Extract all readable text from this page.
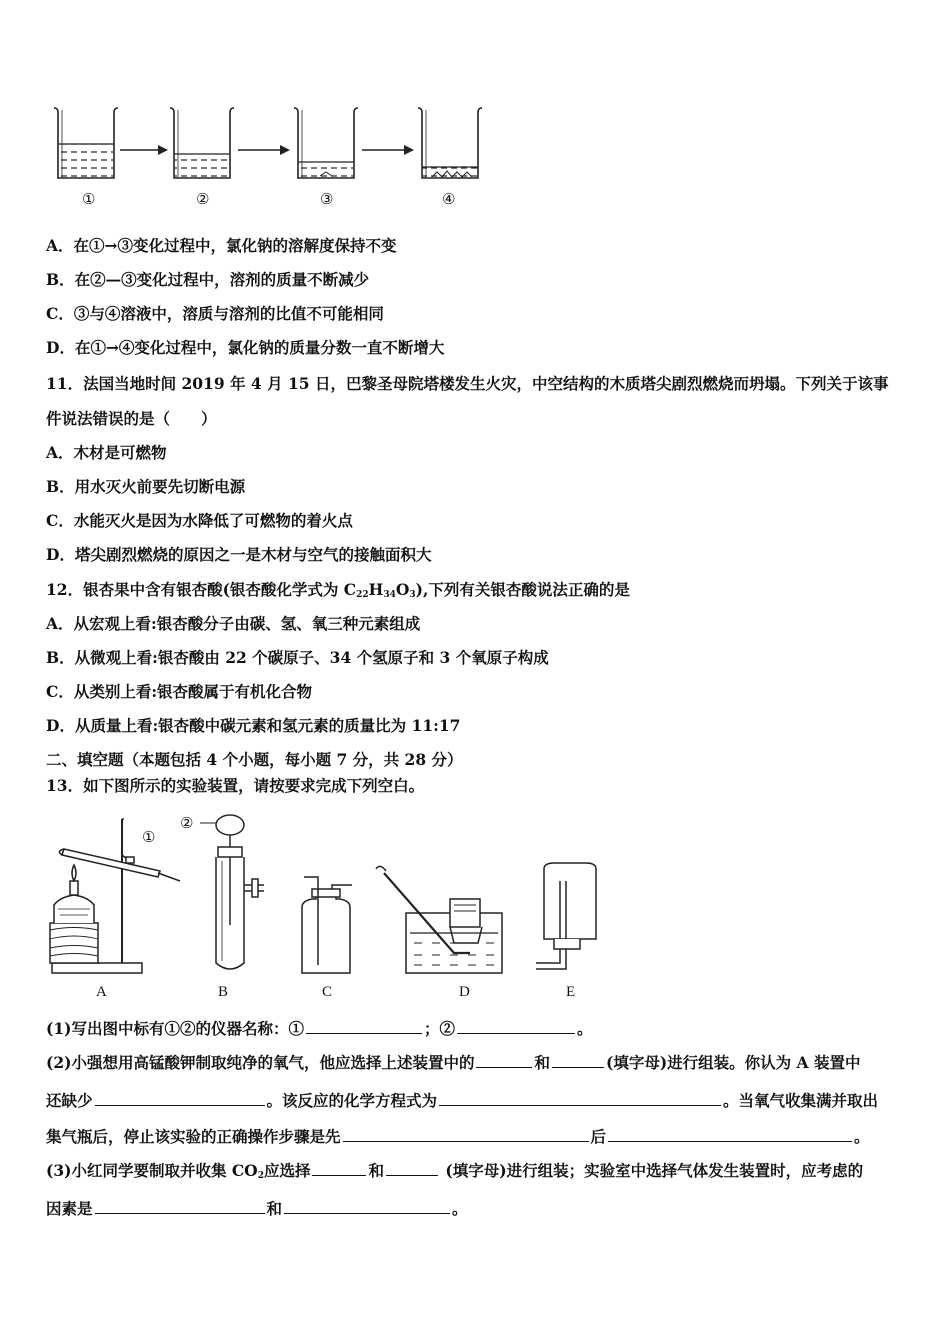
①	②	③	④
A．在①→③变化过程中，氯化钠的溶解度保持不变
B．在②—③变化过程中，溶剂的质量不断减少
C．③与④溶液中，溶质与溶剂的比值不可能相同
D．在①→④变化过程中，氯化钠的质量分数一直不断增大
11．法国当地时间 2019 年 4 月 15 日，巴黎圣母院塔楼发生火灾，中空结构的木质塔尖剧烈燃烧而坍塌。下列关于该事
件说法错误的是（　　）
A．木材是可燃物
B．用水灭火前要先切断电源
C．水能灭火是因为水降低了可燃物的着火点
D．塔尖剧烈燃烧的原因之一是木材与空气的接触面积大
12．银杏果中含有银杏酸(银杏酸化学式为 $C_{22}H_{34}O_3$),下列有关银杏酸说法正确的是
A．从宏观上看:银杏酸分子由碳、氢、氧三种元素组成
B．从微观上看:银杏酸由 22 个碳原子、34 个氢原子和 3 个氧原子构成
C．从类别上看:银杏酸属于有机化合物
D．从质量上看:银杏酸中碳元素和氢元素的质量比为 11:17
二、填空题（本题包括 4 个小题，每小题 7 分，共 28 分）
13．如下图所示的实验装置，请按要求完成下列空白。
①
②
A	B	C	D	E
(1)写出图中标有①②的仪器名称：①	；②	。
(2)小强想用高锰酸钾制取纯净的氧气，他应选择上述装置中的	和	(填字母)进行组装。你认为 A 装置中
还缺少	。该反应的化学方程式为	。当氧气收集满并取出
集气瓶后，停止该实验的正确操作步骤是先	后	。
(3)小红同学要制取并收集 $CO_2$应选择	和	(填字母)进行组装；实验室中选择气体发生装置时，应考虑的
因素是	和	。
